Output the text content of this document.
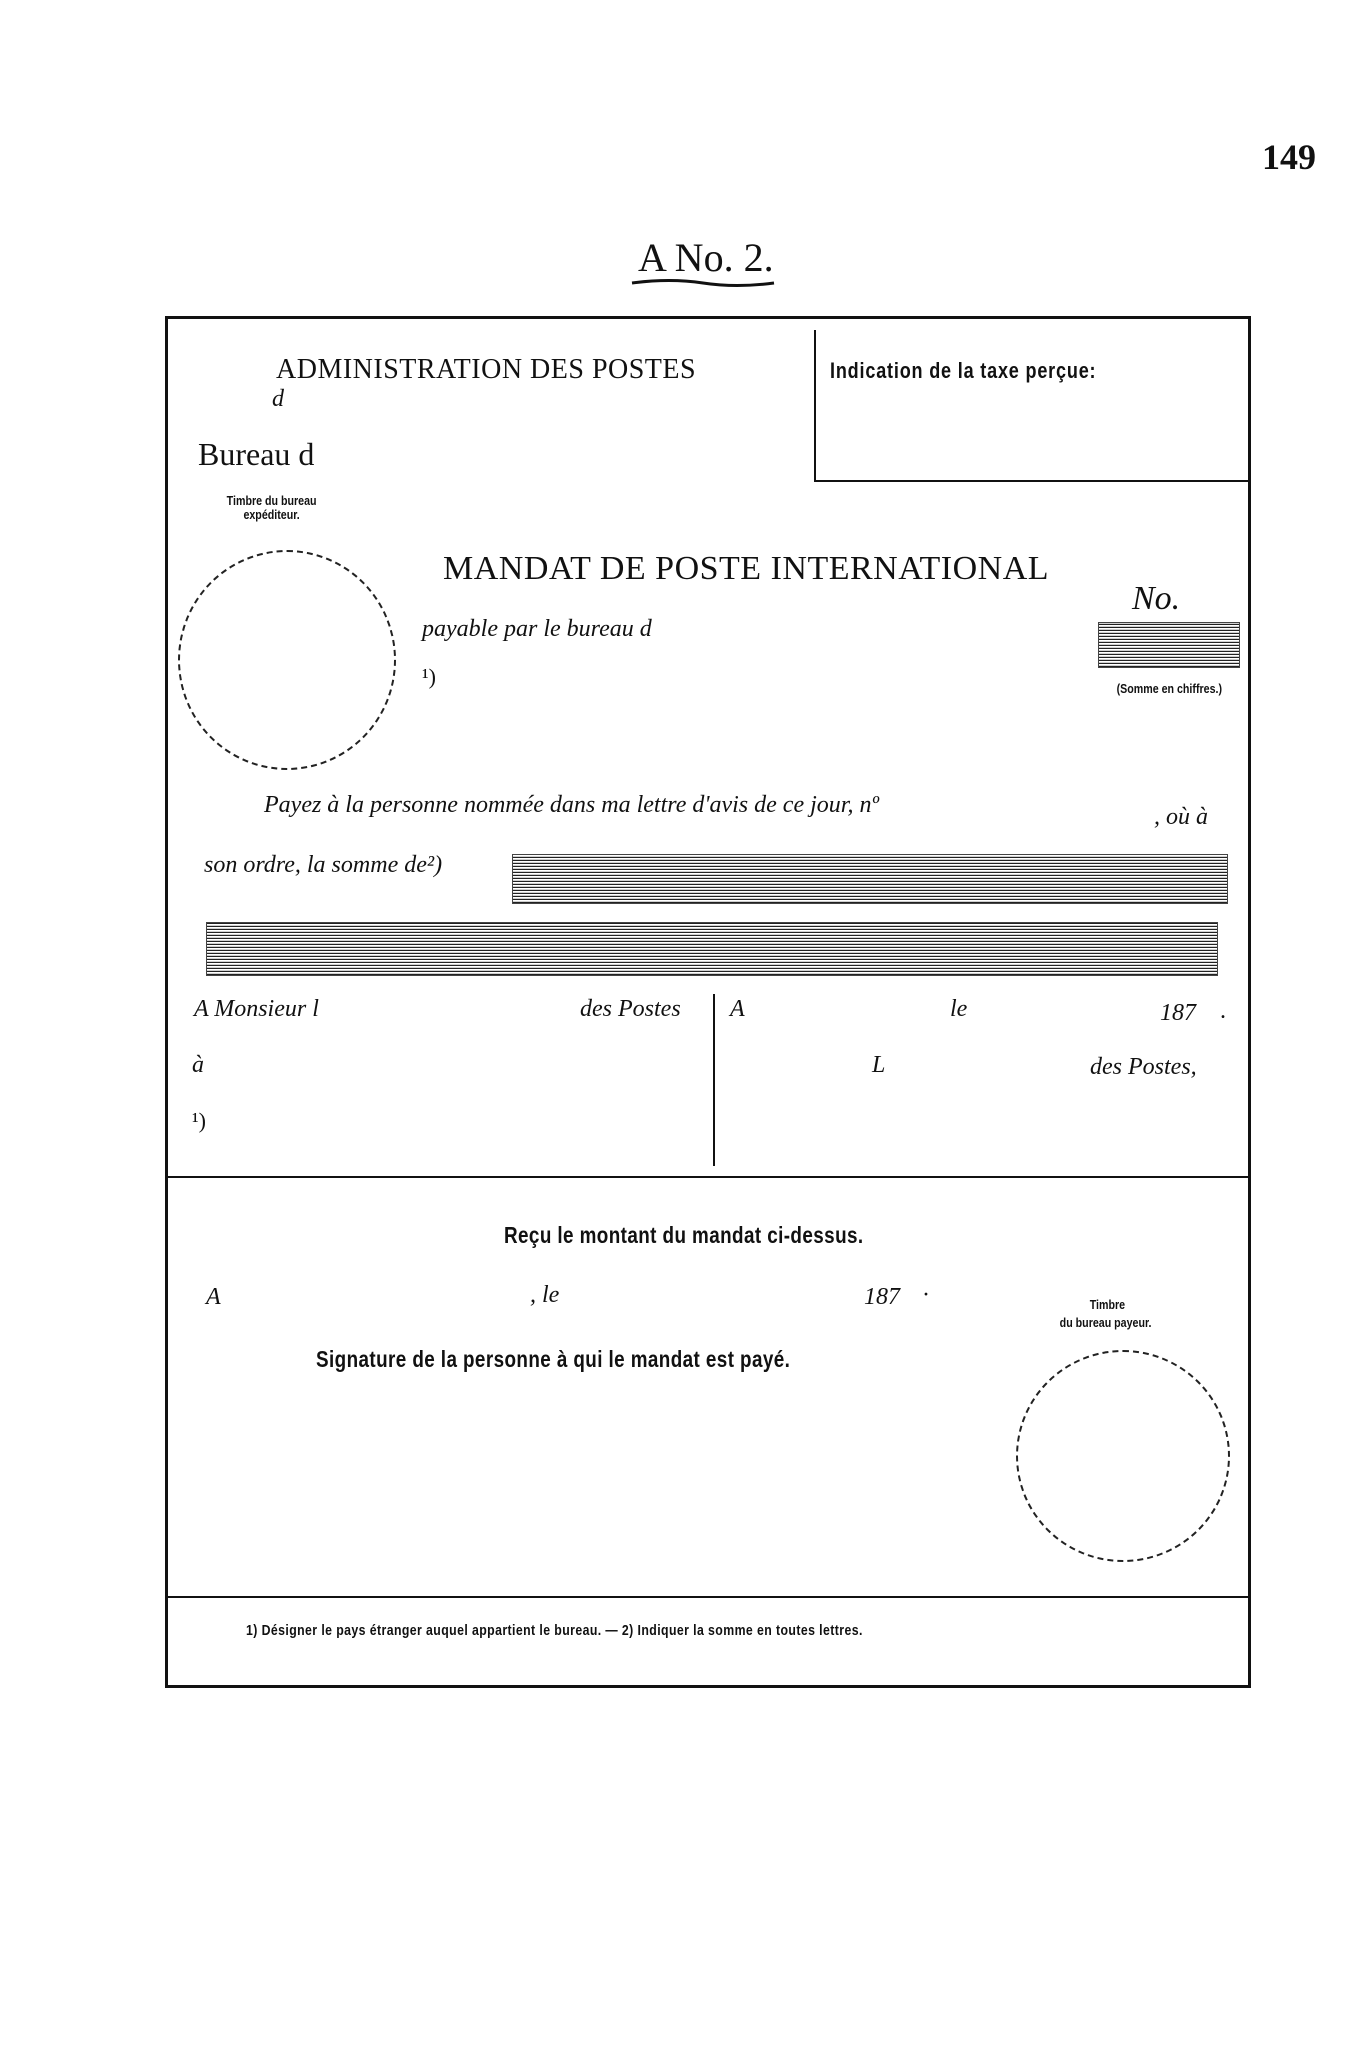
149
A No. 2.
ADMINISTRATION DES POSTES
d
Bureau d
Timbre du bureau expéditeur.
Indication de la taxe perçue:
MANDAT DE POSTE INTERNATIONAL
No.
payable par le bureau d
¹)	(Somme en chiffres.)
Payez à la personne nommée dans ma lettre d'avis de ce jour, nº	, où à
son ordre, la somme de²)
A Monsieur l	des Postes
à
¹)
A	le	187 .
L	des Postes,
Reçu le montant du mandat ci-dessus.
A	, le	187 ·
Signature de la personne à qui le mandat est payé.
Timbre
du bureau payeur.
1) Désigner le pays étranger auquel appartient le bureau. — 2) Indiquer la somme en toutes lettres.
